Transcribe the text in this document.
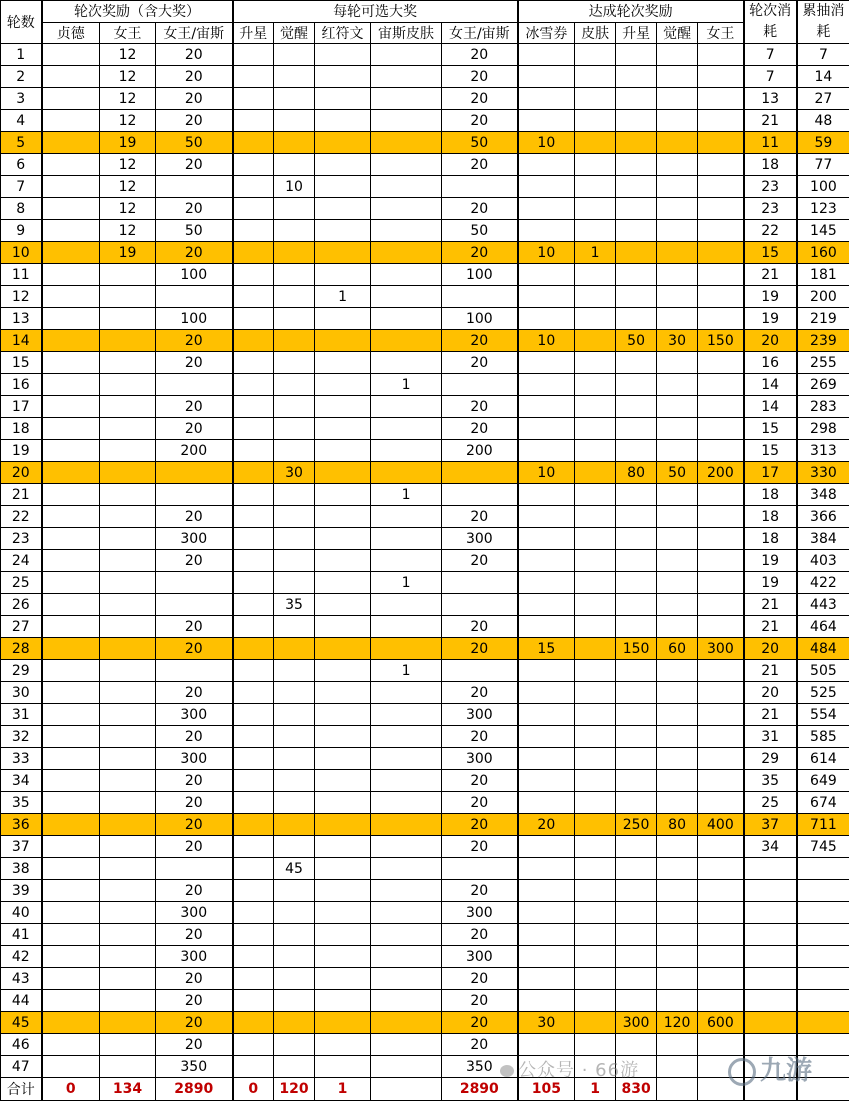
轮数	轮次奖励（含大奖）			每轮可选大奖					达成轮次奖励					轮次消耗	累抽消耗
	贞德	女王	女王/宙斯	升星	觉醒	红符文	宙斯皮肤	女王/宙斯	冰雪券	皮肤	升星	觉醒	女王		
1		12	20					20						7	7
2		12	20					20						7	14
3		12	20					20						13	27
4		12	20					20						21	48
5		19	50					50	10					11	59
6		12	20					20						18	77
7		12			10									23	100
8		12	20					20						23	123
9		12	50					50						22	145
10		19	20					20	10	1				15	160
11			100					100						21	181
12						1								19	200
13			100					100						19	219
14			20					20	10		50	30	150	20	239
15			20					20						16	255
16							1							14	269
17			20					20						14	283
18			20					20						15	298
19			200					200						15	313
20					30				10		80	50	200	17	330
21							1							18	348
22			20					20						18	366
23			300					300						18	384
24			20					20						19	403
25							1							19	422
26					35									21	443
27			20					20						21	464
28			20					20	15		150	60	300	20	484
29							1							21	505
30			20					20						20	525
31			300					300						21	554
32			20					20						31	585
33			300					300						29	614
34			20					20						35	649
35			20					20						25	674
36			20					20	20		250	80	400	37	711
37			20					20						34	745
38					45										
39			20					20							
40			300					300							
41			20					20							
42			300					300							
43			20					20							
44			20					20							
45			20					20	30		300	120	600		
46			20					20							
47			350					350							
合计	0	134	2890	0	120	1		2890	105	1	830				
公众号 · 66游	九游
